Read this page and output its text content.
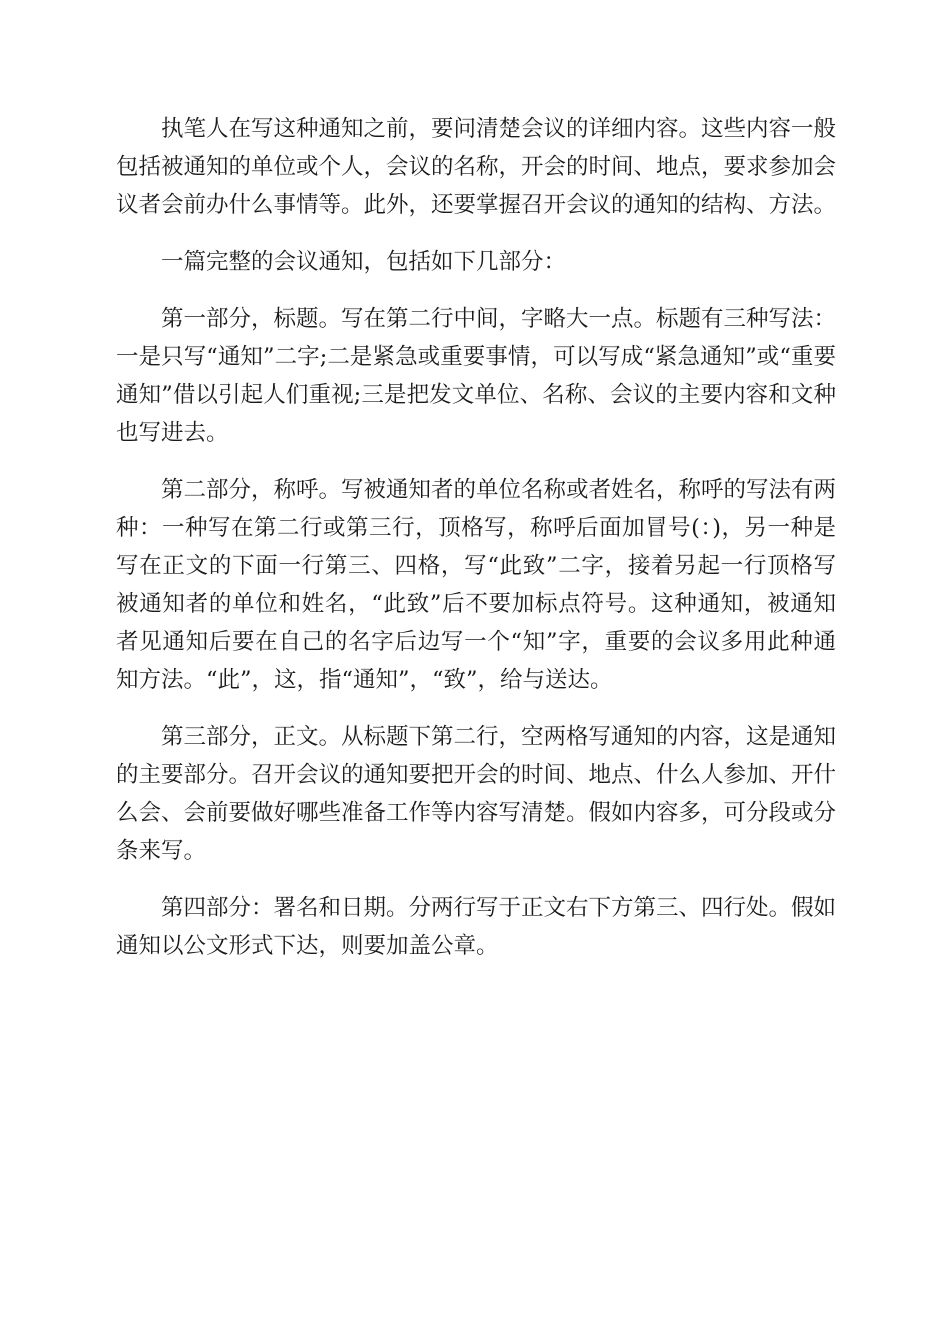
执笔人在写这种通知之前，要问清楚会议的详细内容。这些内容一般包括被通知的单位或个人，会议的名称，开会的时间、地点，要求参加会议者会前办什么事情等。此外，还要掌握召开会议的通知的结构、方法。

一篇完整的会议通知，包括如下几部分：

第一部分，标题。写在第二行中间，字略大一点。标题有三种写法：一是只写“通知”二字;二是紧急或重要事情，可以写成“紧急通知”或“重要通知”借以引起人们重视;三是把发文单位、名称、会议的主要内容和文种也写进去。

第二部分，称呼。写被通知者的单位名称或者姓名，称呼的写法有两种：一种写在第二行或第三行，顶格写，称呼后面加冒号(：)，另一种是写在正文的下面一行第三、四格，写“此致”二字，接着另起一行顶格写被通知者的单位和姓名，“此致”后不要加标点符号。这种通知，被通知者见通知后要在自己的名字后边写一个“知”字，重要的会议多用此种通知方法。“此”，这，指“通知”，“致”，给与送达。

第三部分，正文。从标题下第二行，空两格写通知的内容，这是通知的主要部分。召开会议的通知要把开会的时间、地点、什么人参加、开什么会、会前要做好哪些准备工作等内容写清楚。假如内容多，可分段或分条来写。

第四部分：署名和日期。分两行写于正文右下方第三、四行处。假如通知以公文形式下达，则要加盖公章。
